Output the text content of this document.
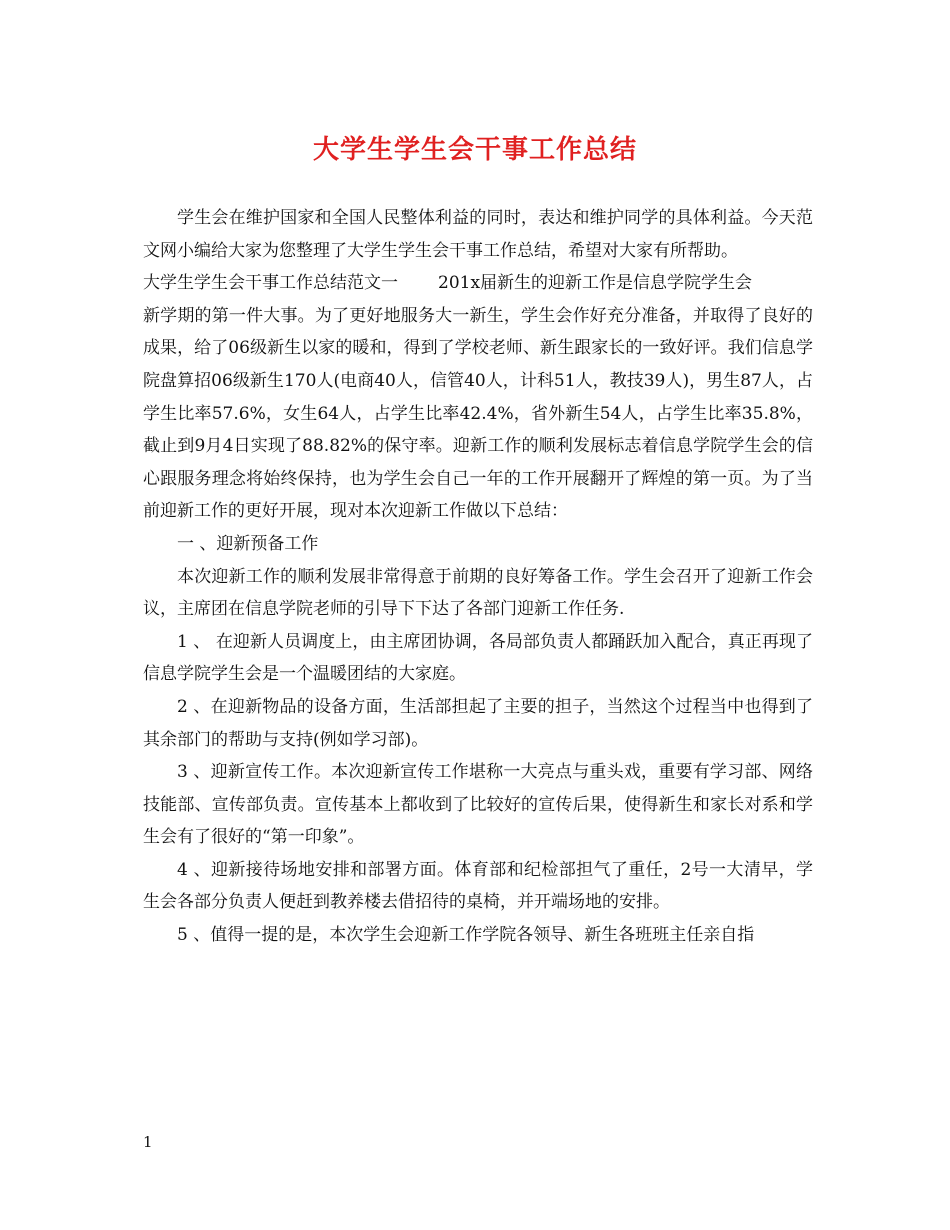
大学生学生会干事工作总结

学生会在维护国家和全国人民整体利益的同时，表达和维护同学的具体利益。今天范文网小编给大家为您整理了大学生学生会干事工作总结，希望对大家有所帮助。

大学生学生会干事工作总结范文一 201x届新生的迎新工作是信息学院学生会

新学期的第一件大事。为了更好地服务大一新生，学生会作好充分准备，并取得了良好的成果，给了06级新生以家的暖和，得到了学校老师、新生跟家长的一致好评。我们信息学院盘算招06级新生170人(电商40人，信管40人，计科51人，教技39人)，男生87人，占学生比率57.6%，女生64人，占学生比率42.4%，省外新生54人，占学生比率35.8%，截止到9月4日实现了88.82%的保守率。迎新工作的顺利发展标志着信息学院学生会的信心跟服务理念将始终保持，也为学生会自己一年的工作开展翻开了辉煌的第一页。为了当前迎新工作的更好开展，现对本次迎新工作做以下总结：

一 、迎新预备工作

本次迎新工作的顺利发展非常得意于前期的良好筹备工作。学生会召开了迎新工作会议，主席团在信息学院老师的引导下下达了各部门迎新工作任务.

1 、 在迎新人员调度上，由主席团协调，各局部负责人都踊跃加入配合，真正再现了信息学院学生会是一个温暖团结的大家庭。

2 、在迎新物品的设备方面，生活部担起了主要的担子，当然这个过程当中也得到了其余部门的帮助与支持(例如学习部)。

3 、迎新宣传工作。本次迎新宣传工作堪称一大亮点与重头戏，重要有学习部、网络技能部、宣传部负责。宣传基本上都收到了比较好的宣传后果，使得新生和家长对系和学生会有了很好的“第一印象”。

4 、迎新接待场地安排和部署方面。体育部和纪检部担气了重任，2号一大清早，学生会各部分负责人便赶到教养楼去借招待的桌椅，并开端场地的安排。

5 、值得一提的是，本次学生会迎新工作学院各领导、新生各班班主任亲自指

1
